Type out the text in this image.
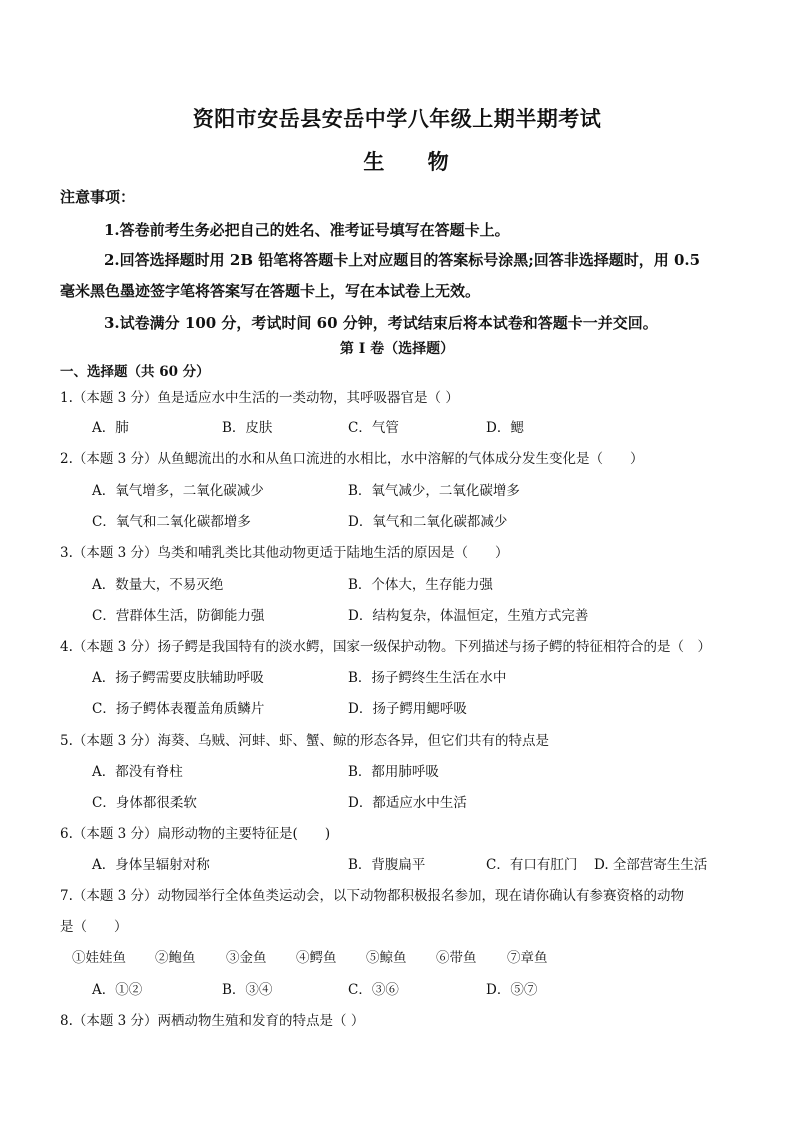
资阳市安岳县安岳中学八年级上期半期考试
生 物
注意事项：
1.答卷前考生务必把自己的姓名、准考证号填写在答题卡上。
2.回答选择题时用 2B 铅笔将答题卡上对应题目的答案标号涂黑;回答非选择题时，用 0.5
毫米黑色墨迹签字笔将答案写在答题卡上，写在本试卷上无效。
3.试卷满分 100 分，考试时间 60 分钟，考试结束后将本试卷和答题卡一并交回。
第 I 卷（选择题）
一、选择题（共 60 分）
1.（本题 3 分）鱼是适应水中生活的一类动物，其呼吸器官是（ ）
A．肺	B．皮肤	C．气管	D．鳃
2.（本题 3 分）从鱼鳃流出的水和从鱼口流进的水相比，水中溶解的气体成分发生变化是（　　）
A．氧气增多，二氧化碳减少	B．氧气减少，二氧化碳增多
C．氧气和二氧化碳都增多	D．氧气和二氧化碳都减少
3.（本题 3 分）鸟类和哺乳类比其他动物更适于陆地生活的原因是（　　）
A．数量大，不易灭绝	B．个体大，生存能力强
C．营群体生活，防御能力强	D．结构复杂，体温恒定，生殖方式完善
4.（本题 3 分）扬子鳄是我国特有的淡水鳄，国家一级保护动物。下列描述与扬子鳄的特征相符合的是（　）
A．扬子鳄需要皮肤辅助呼吸	B．扬子鳄终生生活在水中
C．扬子鳄体表覆盖角质鳞片	D．扬子鳄用鳃呼吸
5.（本题 3 分）海葵、乌贼、河蚌、虾、蟹、鲸的形态各异，但它们共有的特点是
A．都没有脊柱	B．都用肺呼吸
C．身体都很柔软	D．都适应水中生活
6.（本题 3 分）扁形动物的主要特征是(　　)
A．身体呈辐射对称	B．背腹扁平	C．有口有肛门 D. 全部营寄生生活
7.（本题 3 分）动物园举行全体鱼类运动会，以下动物都积极报名参加，现在请你确认有参赛资格的动物
是（　　）
①娃娃鱼 ②鲍鱼 ③金鱼 ④鳄鱼 ⑤鲸鱼 ⑥带鱼 ⑦章鱼
A．①②	B．③④	C．③⑥	D．⑤⑦
8.（本题 3 分）两栖动物生殖和发育的特点是（ ）
